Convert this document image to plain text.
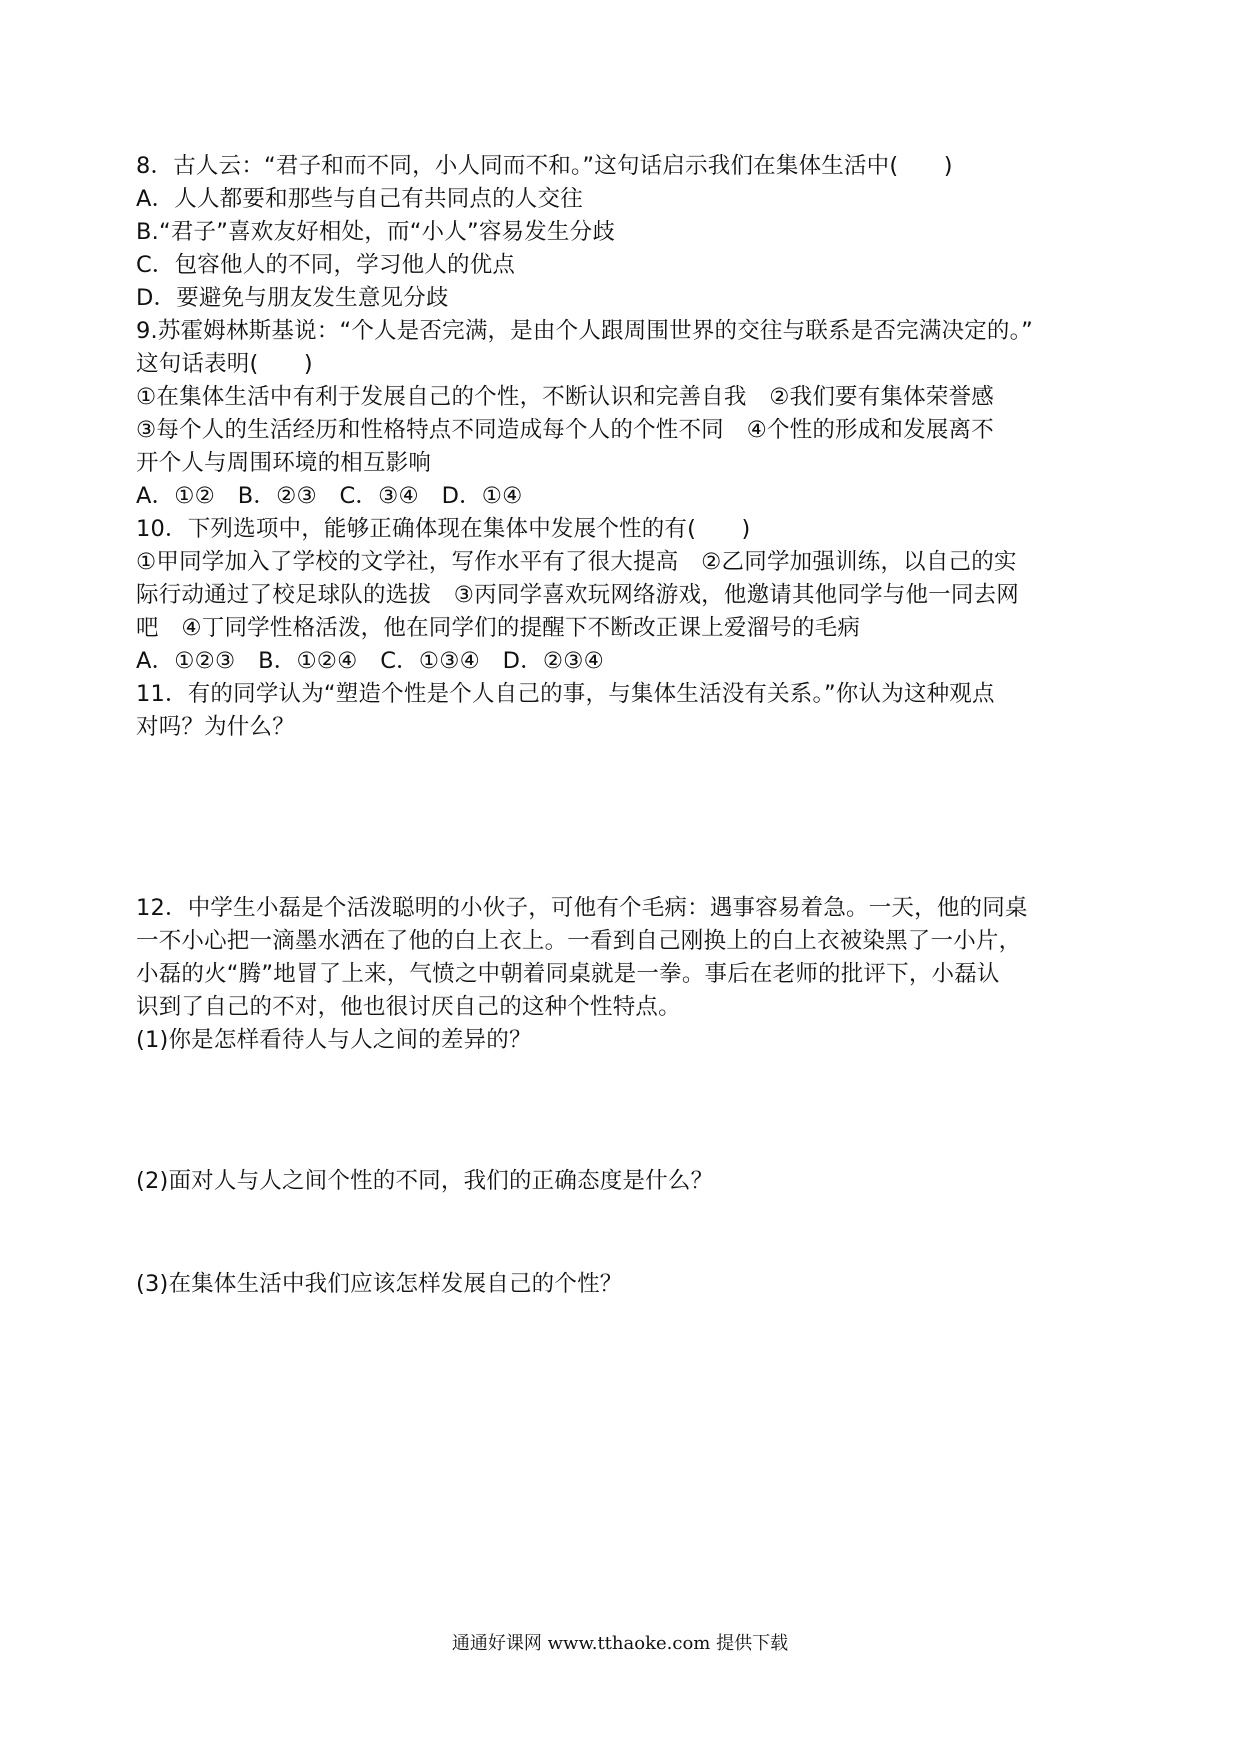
8．古人云：“君子和而不同，小人同而不和。”这句话启示我们在集体生活中(　　)
A．人人都要和那些与自己有共同点的人交往
B.“君子”喜欢友好相处，而“小人”容易发生分歧
C．包容他人的不同，学习他人的优点
D．要避免与朋友发生意见分歧
9.苏霍姆林斯基说：“个人是否完满，是由个人跟周围世界的交往与联系是否完满决定的。”
这句话表明(　　)
①在集体生活中有利于发展自己的个性，不断认识和完善自我　②我们要有集体荣誉感
③每个人的生活经历和性格特点不同造成每个人的个性不同　④个性的形成和发展离不
开个人与周围环境的相互影响
A．①②　B．②③　C．③④　D．①④
10．下列选项中，能够正确体现在集体中发展个性的有(　　)
①甲同学加入了学校的文学社，写作水平有了很大提高　②乙同学加强训练，以自己的实
际行动通过了校足球队的选拔　③丙同学喜欢玩网络游戏，他邀请其他同学与他一同去网
吧　④丁同学性格活泼，他在同学们的提醒下不断改正课上爱溜号的毛病
A．①②③　B．①②④　C．①③④　D．②③④
11．有的同学认为“塑造个性是个人自己的事，与集体生活没有关系。”你认为这种观点
对吗？为什么？
12．中学生小磊是个活泼聪明的小伙子，可他有个毛病：遇事容易着急。一天，他的同桌
一不小心把一滴墨水洒在了他的白上衣上。一看到自己刚换上的白上衣被染黑了一小片，
小磊的火“腾”地冒了上来，气愤之中朝着同桌就是一拳。事后在老师的批评下，小磊认
识到了自己的不对，他也很讨厌自己的这种个性特点。
(1)你是怎样看待人与人之间的差异的？
(2)面对人与人之间个性的不同，我们的正确态度是什么？
(3)在集体生活中我们应该怎样发展自己的个性？
通通好课网 www.tthaoke.com 提供下载
